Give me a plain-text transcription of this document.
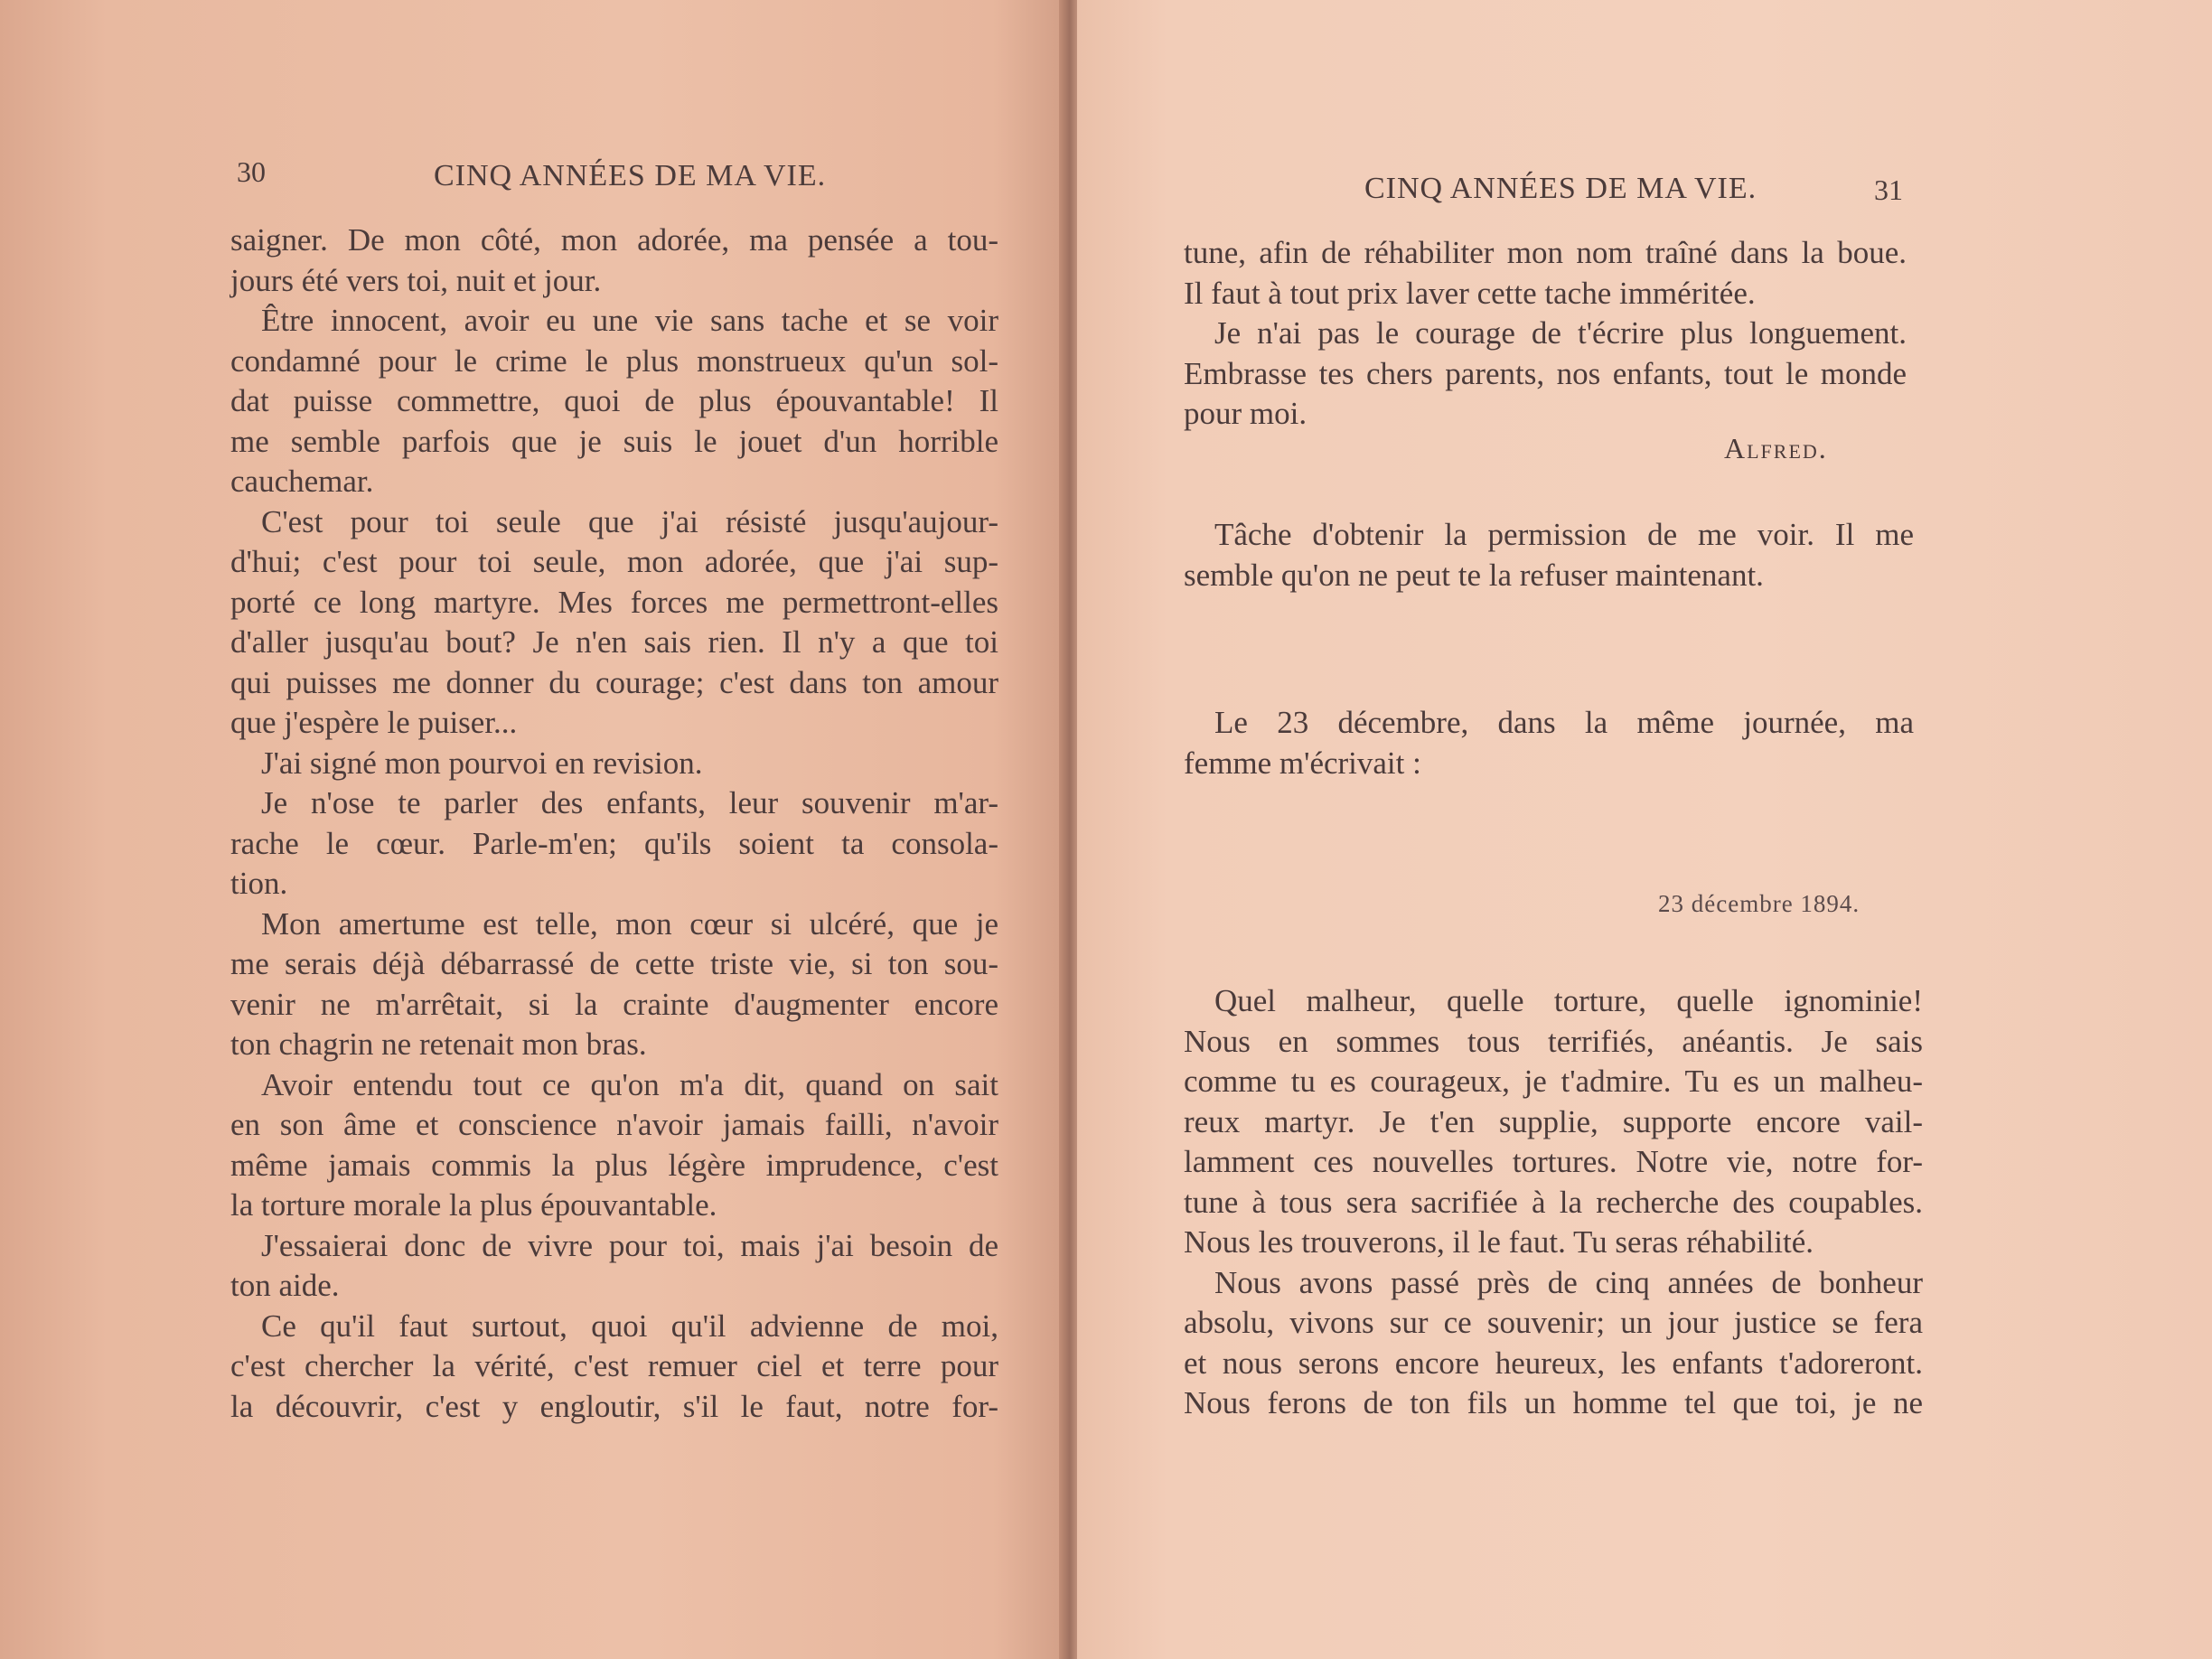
30	CINQ ANNÉES DE MA VIE.
saigner. De mon côté, mon adorée, ma pensée a tou-
jours été vers toi, nuit et jour.
Être innocent, avoir eu une vie sans tache et se voir
condamné pour le crime le plus monstrueux qu'un sol-
dat puisse commettre, quoi de plus épouvantable! Il
me semble parfois que je suis le jouet d'un horrible
cauchemar.
C'est pour toi seule que j'ai résisté jusqu'aujour-
d'hui; c'est pour toi seule, mon adorée, que j'ai sup-
porté ce long martyre. Mes forces me permettront-elles
d'aller jusqu'au bout? Je n'en sais rien. Il n'y a que toi
qui puisses me donner du courage; c'est dans ton amour
que j'espère le puiser...
J'ai signé mon pourvoi en revision.
Je n'ose te parler des enfants, leur souvenir m'ar-
rache le cœur. Parle-m'en; qu'ils soient ta consola-
tion.
Mon amertume est telle, mon cœur si ulcéré, que je
me serais déjà débarrassé de cette triste vie, si ton sou-
venir ne m'arrêtait, si la crainte d'augmenter encore
ton chagrin ne retenait mon bras.
Avoir entendu tout ce qu'on m'a dit, quand on sait
en son âme et conscience n'avoir jamais failli, n'avoir
même jamais commis la plus légère imprudence, c'est
la torture morale la plus épouvantable.
J'essaierai donc de vivre pour toi, mais j'ai besoin de
ton aide.
Ce qu'il faut surtout, quoi qu'il advienne de moi,
c'est chercher la vérité, c'est remuer ciel et terre pour
la découvrir, c'est y engloutir, s'il le faut, notre for-
CINQ ANNÉES DE MA VIE.	31
tune, afin de réhabiliter mon nom traîné dans la boue.
Il faut à tout prix laver cette tache imméritée.
Je n'ai pas le courage de t'écrire plus longuement.
Embrasse tes chers parents, nos enfants, tout le monde
pour moi.
Alfred.
Tâche d'obtenir la permission de me voir. Il me
semble qu'on ne peut te la refuser maintenant.
Le 23 décembre, dans la même journée, ma
femme m'écrivait :
23 décembre 1894.
Quel malheur, quelle torture, quelle ignominie!
Nous en sommes tous terrifiés, anéantis. Je sais
comme tu es courageux, je t'admire. Tu es un malheu-
reux martyr. Je t'en supplie, supporte encore vail-
lamment ces nouvelles tortures. Notre vie, notre for-
tune à tous sera sacrifiée à la recherche des coupables.
Nous les trouverons, il le faut. Tu seras réhabilité.
Nous avons passé près de cinq années de bonheur
absolu, vivons sur ce souvenir; un jour justice se fera
et nous serons encore heureux, les enfants t'adoreront.
Nous ferons de ton fils un homme tel que toi, je ne
